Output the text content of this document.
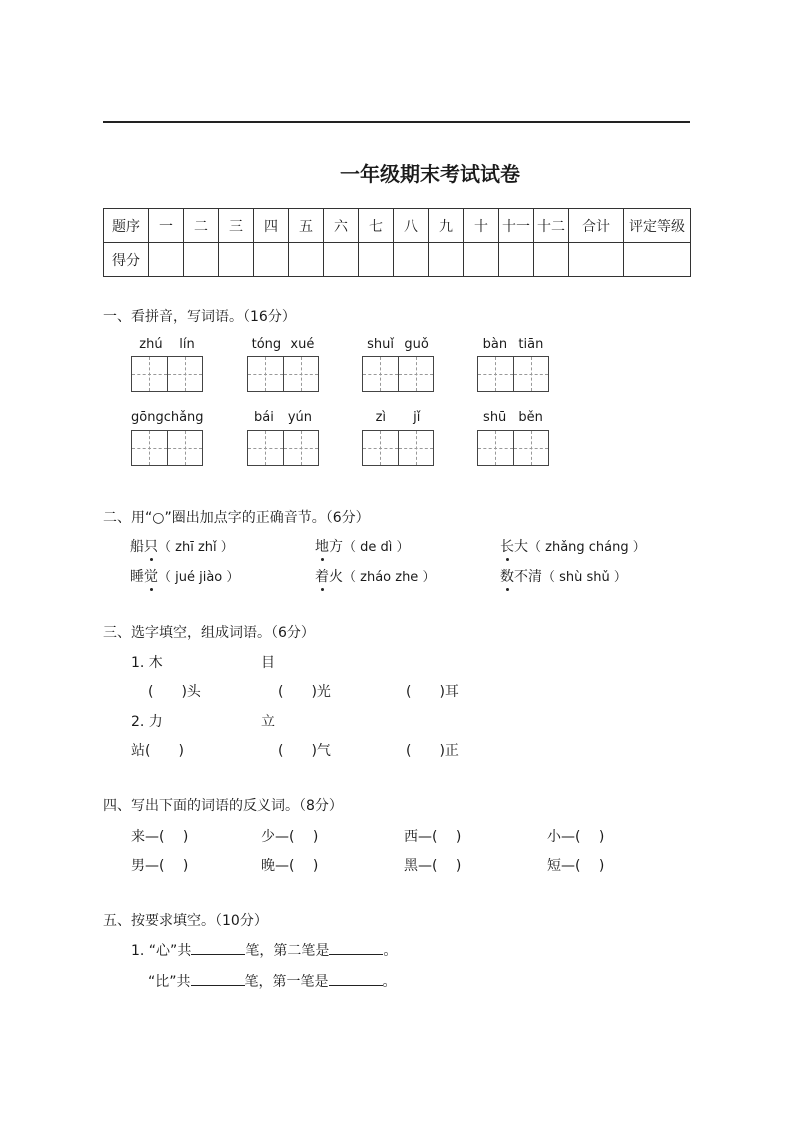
一年级期末考试试卷
题序	一	二	三	四	五	六	七	八	九	十	十一	十二	合计	评定等级
得分														
一、看拼音，写词语。（16分）
zhú lín	tóng xué	shuǐ guǒ	bàn tiān
gōng chǎng	bái yún	zì jǐ	shū běn
二、用“○”圈出加点字的正确音节。（6分）
船只（ zhī zhǐ ）	地方（ de dì ）	长大（ zhǎng cháng ）
睡觉（ jué jiào ）	着火（ zháo zhe ）	数不清（ shù shǔ ）
三、选字填空，组成词语。（6分）
1. 木	目
(　　)头	(　　)光	(　　)耳
2. 力	立
站(　　)	(　　)气	(　　)正
四、写出下面的词语的反义词。（8分）
来—(　 )	少—(　 )	西—(　 )	小—(　 )
男—(　 )	晚—(　 )	黑—(　 )	短—(　 )
五、按要求填空。（10分）
1. “心”共	笔，第二笔是	。
“比”共	笔，第一笔是	。
